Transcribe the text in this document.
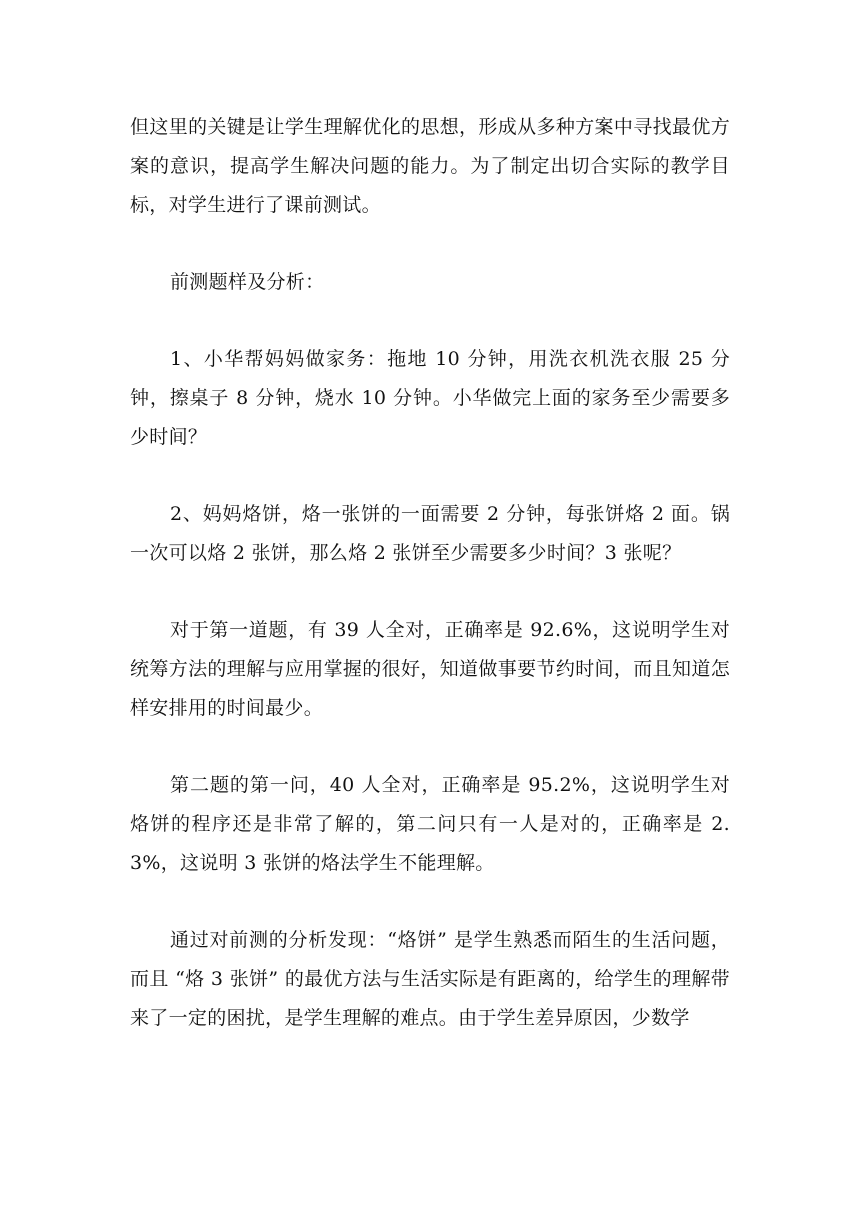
但这里的关键是让学生理解优化的思想，形成从多种方案中寻找最优方案的意识，提高学生解决问题的能力。为了制定出切合实际的教学目标，对学生进行了课前测试。

前测题样及分析：

1、小华帮妈妈做家务：拖地 10 分钟，用洗衣机洗衣服 25 分钟，擦桌子 8 分钟，烧水 10 分钟。小华做完上面的家务至少需要多少时间？

2、妈妈烙饼，烙一张饼的一面需要 2 分钟，每张饼烙 2 面。锅一次可以烙 2 张饼，那么烙 2 张饼至少需要多少时间？3 张呢？

对于第一道题，有 39 人全对，正确率是 92.6%，这说明学生对统筹方法的理解与应用掌握的很好，知道做事要节约时间，而且知道怎样安排用的时间最少。

第二题的第一问，40 人全对，正确率是 95.2%，这说明学生对烙饼的程序还是非常了解的，第二问只有一人是对的，正确率是 2.3%，这说明 3 张饼的烙法学生不能理解。

通过对前测的分析发现：“烙饼” 是学生熟悉而陌生的生活问题，而且 “烙 3 张饼” 的最优方法与生活实际是有距离的，给学生的理解带来了一定的困扰，是学生理解的难点。由于学生差异原因，少数学
